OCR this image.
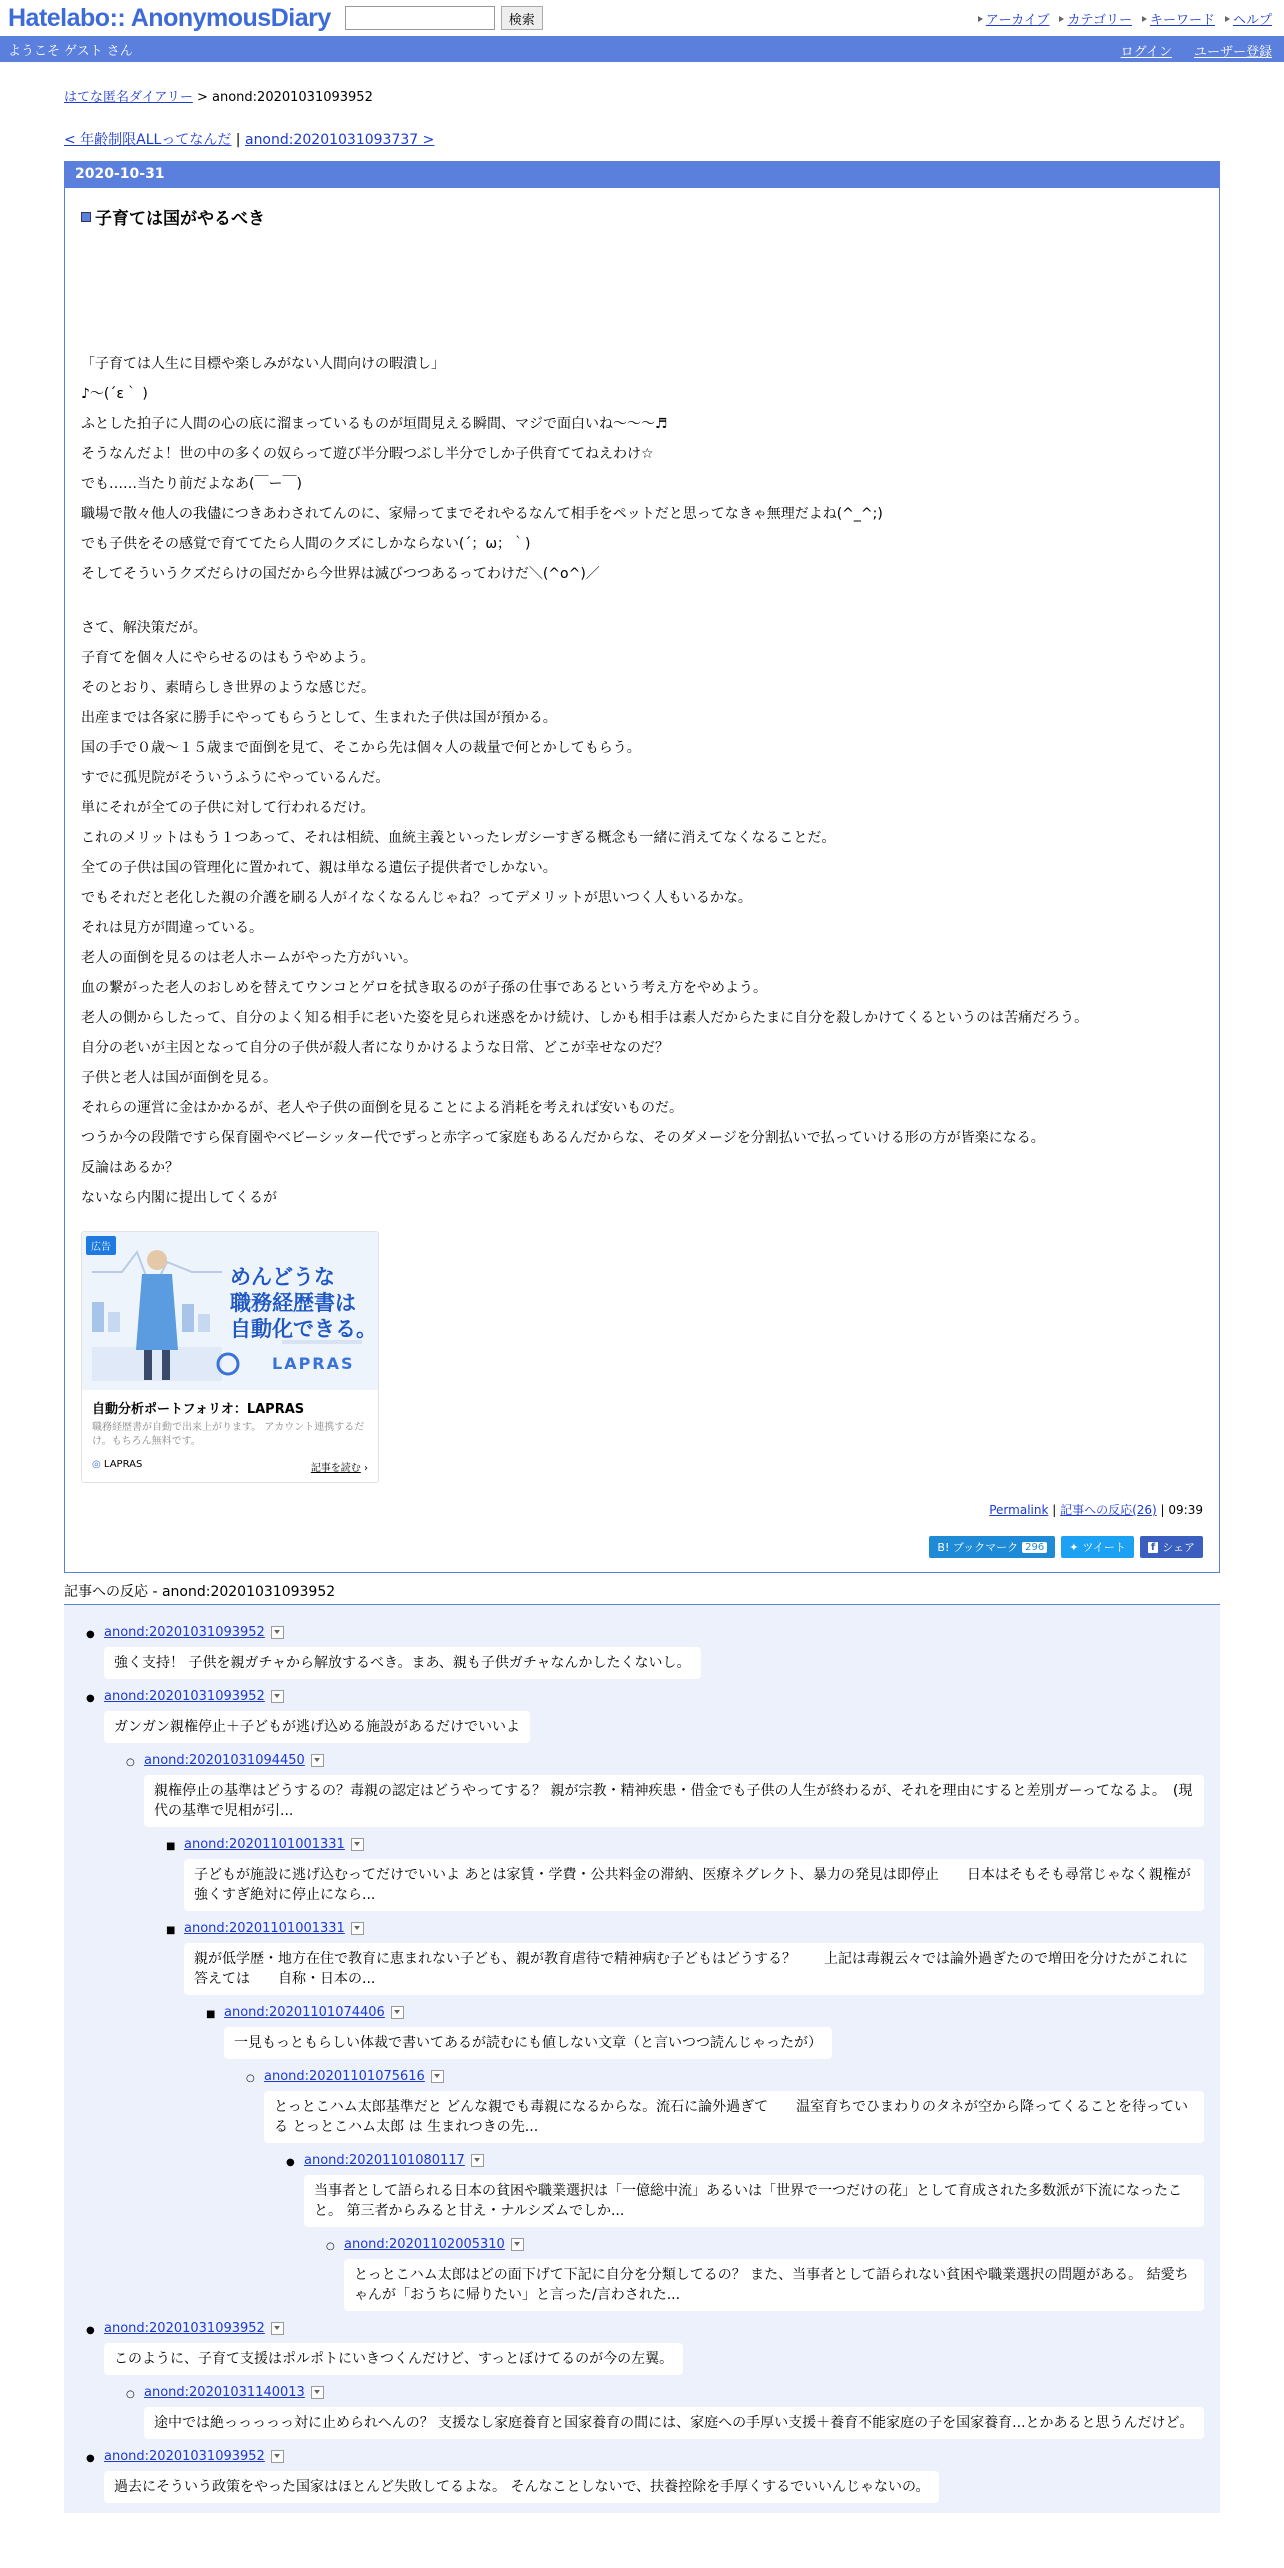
Hatelabo:: AnonymousDiary	検索	アーカイブ カテゴリー キーワード ヘルプ
ようこそ ゲスト さん	ログイン ユーザー登録
はてな匿名ダイアリー > anond:20201031093952
< 年齢制限ALLってなんだ | anond:20201031093737 >
2020-10-31
子育ては国がやるべき

「子育ては人生に目標や楽しみがない人間向けの暇潰し」

♪～(´ε｀ )

ふとした拍子に人間の心の底に溜まっているものが垣間見える瞬間、マジで面白いね～～～♬

そうなんだよ！世の中の多くの奴らって遊び半分暇つぶし半分でしか子供育ててねえわけ☆

でも……当たり前だよなあ(￣ー￣)

職場で散々他人の我儘につきあわされてんのに、家帰ってまでそれやるなんて相手をペットだと思ってなきゃ無理だよね(^_^;)

でも子供をその感覚で育ててたら人間のクズにしかならない(´；ω；｀)

そしてそういうクズだらけの国だから今世界は滅びつつあるってわけだ＼(^o^)／

さて、解決策だが。

子育てを個々人にやらせるのはもうやめよう。

そのとおり、素晴らしき世界のような感じだ。

出産までは各家に勝手にやってもらうとして、生まれた子供は国が預かる。

国の手で０歳～１５歳まで面倒を見て、そこから先は個々人の裁量で何とかしてもらう。

すでに孤児院がそういうふうにやっているんだ。

単にそれが全ての子供に対して行われるだけ。

これのメリットはもう１つあって、それは相続、血統主義といったレガシーすぎる概念も一緒に消えてなくなることだ。

全ての子供は国の管理化に置かれて、親は単なる遺伝子提供者でしかない。

でもそれだと老化した親の介護を刷る人がイなくなるんじゃね？ってデメリットが思いつく人もいるかな。

それは見方が間違っている。

老人の面倒を見るのは老人ホームがやった方がいい。

血の繋がった老人のおしめを替えてウンコとゲロを拭き取るのが子孫の仕事であるという考え方をやめよう。

老人の側からしたって、自分のよく知る相手に老いた姿を見られ迷惑をかけ続け、しかも相手は素人だからたまに自分を殺しかけてくるというのは苦痛だろう。

自分の老いが主因となって自分の子供が殺人者になりかけるような日常、どこが幸せなのだ？

子供と老人は国が面倒を見る。

それらの運営に金はかかるが、老人や子供の面倒を見ることによる消耗を考えれば安いものだ。

つうか今の段階ですら保育園やベビーシッター代でずっと赤字って家庭もあるんだからな、そのダメージを分割払いで払っていける形の方が皆楽になる。

反論はあるか？

ないなら内閣に提出してくるが

広告
めんどうな
職務経歴書は
自動化できる。
LAPRAS
自動分析ポートフォリオ：LAPRAS
職務経歴書が自動で出来上がります。 アカウント連携するだけ。もちろん無料です。
◎ LAPRAS	記事を読む ›
Permalink | 記事への反応(26) | 09:39
B! ブックマーク 296 ✦ ツイート	f シェア
記事への反応 - anond:20201031093952
● anond:20201031093952
強く支持！ 子供を親ガチャから解放するべき。まあ、親も子供ガチャなんかしたくないし。
● anond:20201031093952
ガンガン親権停止＋子どもが逃げ込める施設があるだけでいいよ
○ anond:20201031094450
親権停止の基準はどうするの？毒親の認定はどうやってする？ 親が宗教・精神疾患・借金でも子供の人生が終わるが、それを理由にすると差別ガーってなるよ。　(現代の基準で児相が引...
■ anond:20201101001331
子どもが施設に逃げ込むってだけでいいよ あとは家賃・学費・公共料金の滞納、医療ネグレクト、暴力の発見は即停止　　日本はそもそも尋常じゃなく親権が強くすぎ絶対に停止になら...
■ anond:20201101001331
親が低学歴・地方在住で教育に恵まれない子ども、親が教育虐待で精神病む子どもはどうする？　　上記は毒親云々では論外過ぎたので増田を分けたがこれに答えては　　自称・日本の...
■ anond:20201101074406
一見もっともらしい体裁で書いてあるが読むにも値しない文章（と言いつつ読んじゃったが）
○ anond:20201101075616
とっとこハム太郎基準だと どんな親でも毒親になるからな。流石に論外過ぎて　　温室育ちでひまわりのタネが空から降ってくることを待っている とっとこハム太郎 は 生まれつきの先...
● anond:20201101080117
当事者として語られる日本の貧困や職業選択は「一億総中流」あるいは「世界で一つだけの花」として育成された多数派が下流になったこと。 第三者からみると甘え・ナルシズムでしか...
○ anond:20201102005310
とっとこハム太郎はどの面下げて下記に自分を分類してるの？ また、当事者として語られない貧困や職業選択の問題がある。 結愛ちゃんが「おうちに帰りたい」と言った/言わされた...
● anond:20201031093952
このように、子育て支援はポルポトにいきつくんだけど、すっとぼけてるのが今の左翼。
○ anond:20201031140013
途中では絶っっっっっ対に止められへんの？ 支援なし家庭養育と国家養育の間には、家庭への手厚い支援＋養育不能家庭の子を国家養育...とかあると思うんだけど。
● anond:20201031093952
過去にそういう政策をやった国家はほとんど失敗してるよな。 そんなことしないで、扶養控除を手厚くするでいいんじゃないの。
